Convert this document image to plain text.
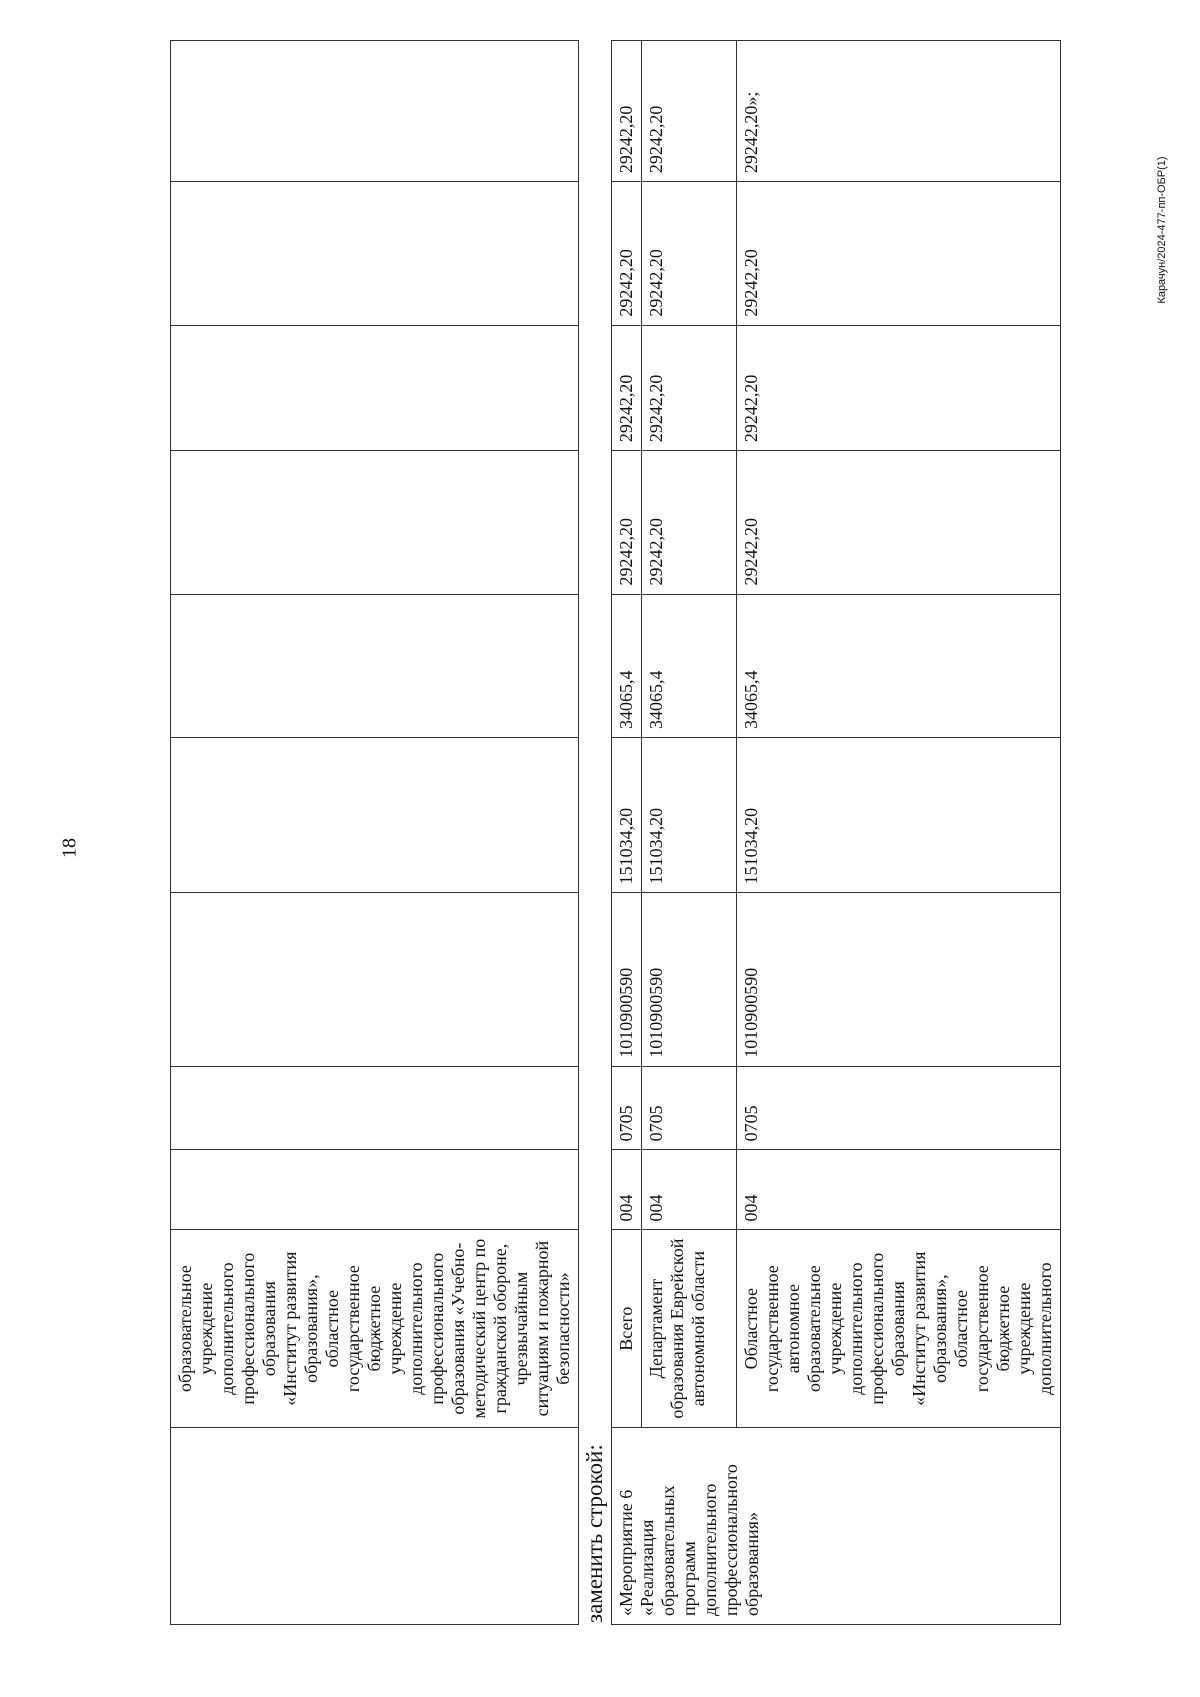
18
Карачун/2024-477-пп-ОБР(1)
	образовательное учреждение дополнительного профессионального образования «Институт развития образования», областное государственное бюджетное учреждение дополнительного профессионального образования «Учебно-методический центр по гражданской обороне, чрезвычайным ситуациям и пожарной безопасности»									
заменить строкой: «Мероприятие 6 «Реализация образовательных программ дополнительного профессионального образования»	Всего	004	0705	1010900590	151034,20	34065,4	29242,20	29242,20	29242,20	29242,20
	Департамент образования Еврейской автономной области	004	0705	1010900590	151034,20	34065,4	29242,20	29242,20	29242,20	29242,20
	Областное государственное автономное образовательное учреждение дополнительного профессионального образования «Институт развития образования», областное государственное бюджетное учреждение дополнительного	004	0705	1010900590	151034,20	34065,4	29242,20	29242,20	29242,20	29242,20»;
